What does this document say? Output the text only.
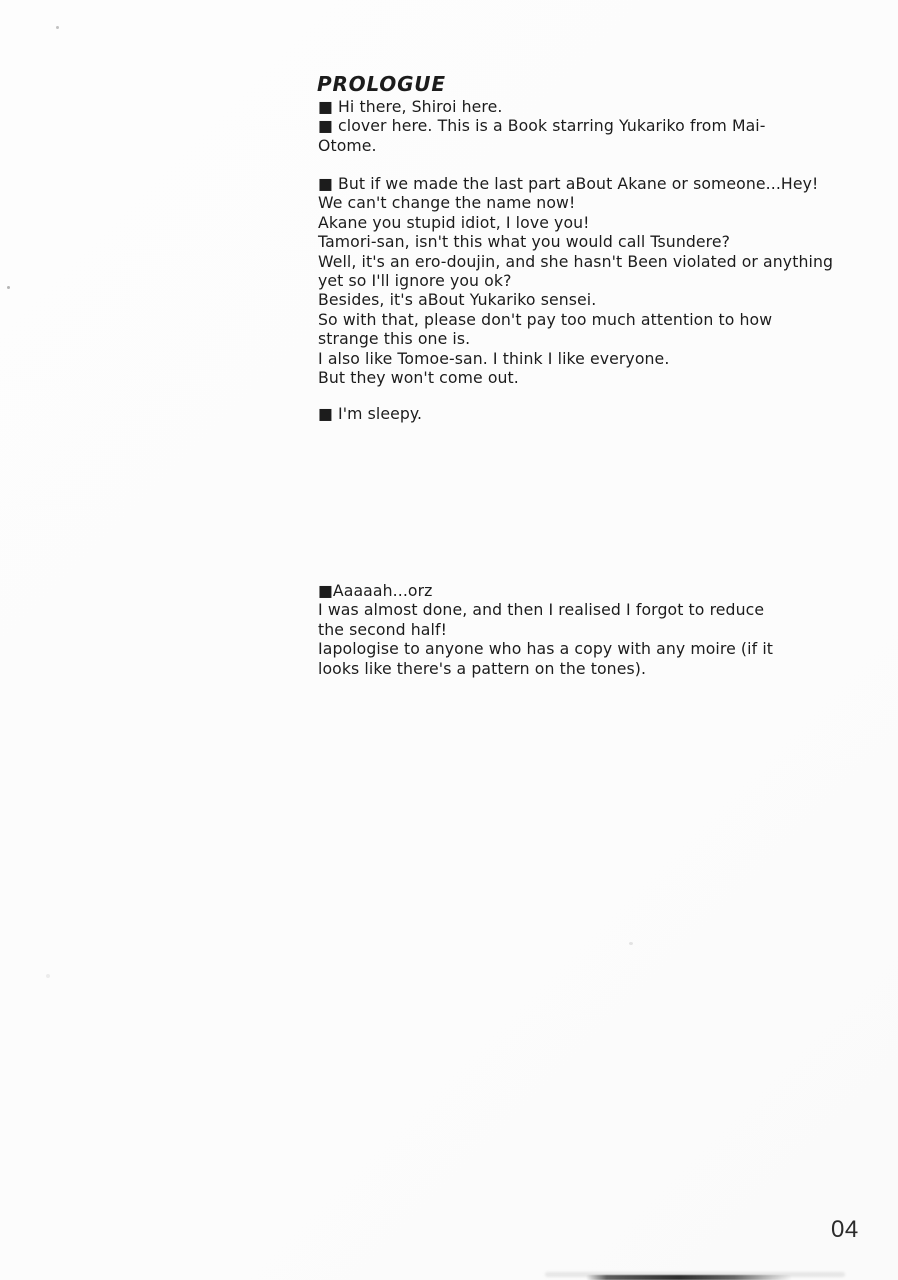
PROLOGUE
■ Hi there, Shiroi here.
■ clover here. This is a Book starring Yukariko from Mai-
Otome.
■ But if we made the last part aBout Akane or someone...Hey!
We can't change the name now!
Akane you stupid idiot, I love you!
Tamori-san, isn't this what you would call Tsundere?
Well, it's an ero-doujin, and she hasn't Been violated or anything
yet so I'll ignore you ok?
Besides, it's aBout Yukariko sensei.
So with that, please don't pay too much attention to how
strange this one is.
I also like Tomoe-san. I think I like everyone.
But they won't come out.
■ I'm sleepy.
■Aaaaah...orz
I was almost done, and then I realised I forgot to reduce
the second half!
Iapologise to anyone who has a copy with any moire (if it
looks like there's a pattern on the tones).
04
